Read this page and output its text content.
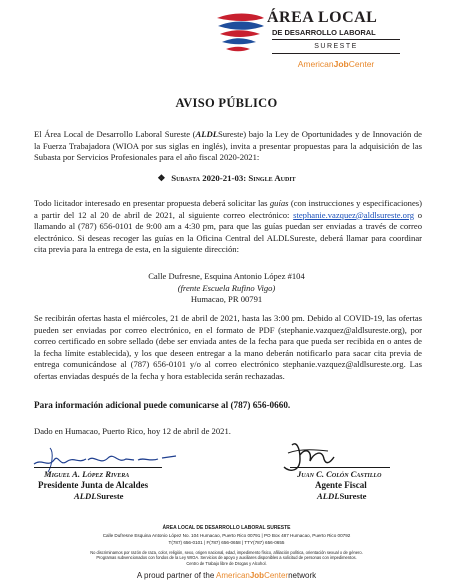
ÁREA LOCAL
DE DESARROLLO LABORAL
SURESTE
AmericanJobCenter
AVISO PÚBLICO
El Área Local de Desarrollo Laboral Sureste (ALDLSureste) bajo la Ley de Oportunidades y de Innovación de la Fuerza Trabajadora (WIOA por sus siglas en inglés), invita a presentar propuestas para la adquisición de las Subasta por Servicios Profesionales para el año fiscal 2020-2021:
❖ Subasta 2020-21-03: Single Audit
Todo licitador interesado en presentar propuesta deberá solicitar las guías (con instrucciones y especificaciones) a partir del 12 al 20 de abril de 2021, al siguiente correo electrónico: stephanie.vazquez@aldlsureste.org o llamando al (787) 656-0101 de 9:00 am a 4:30 pm, para que las guías puedan ser enviadas a través de correo electrónico. Si deseas recoger las guías en la Oficina Central del ALDLSureste, deberá llamar para coordinar cita previa para la entrega de esta, en la siguiente dirección:
Calle Dufresne, Esquina Antonio López #104
(frente Escuela Rufino Vigo)
Humacao, PR 00791
Se recibirán ofertas hasta el miércoles, 21 de abril de 2021, hasta las 3:00 pm. Debido al COVID-19, las ofertas pueden ser enviadas por correo electrónico, en el formato de PDF (stephanie.vazquez@aldlsureste.org), por correo certificado en sobre sellado (debe ser enviada antes de la fecha para que pueda ser recibida en o antes de la fecha límite establecida), y los que deseen entregar a la mano deberán notificarlo para sacar cita previa de entrega comunicándose al (787) 656-0101 y/o al correo electrónico stephanie.vazquez@aldlsureste.org. Las ofertas enviadas después de la fecha y hora establecida serán rechazadas.
Para información adicional puede comunicarse al (787) 656-0660.
Dado en Humacao, Puerto Rico, hoy 12 de abril de 2021.
Miguel A. López Rivera
Presidente Junta de Alcaldes
ALDLSureste
Juan C. Colón Castillo
Agente Fiscal
ALDLSureste
ÁREA LOCAL DE DESARROLLO LABORAL SURESTE
Calle Dufresne Esquina Antonio López No. 104 Humacao, Puerto Rico 00791 | PO Box 487 Humacao, Puerto Rico 00792
T(787) 656-0101 | F(787) 656-0658 | TTY(787) 656-0655
No discriminamos por razón de raza, color, religión, sexo, origen nacional, edad, impedimento físico, afiliación política, orientación sexual o de género.
Programas subvencionados con fondos de la Ley WIOA. Servicios de apoyo y auxiliares disponibles a solicitud de personas con impedimentos.
Centro de Trabajo libre de Drogas y Alcohol.
A proud partner of the AmericanJobCenternetwork
